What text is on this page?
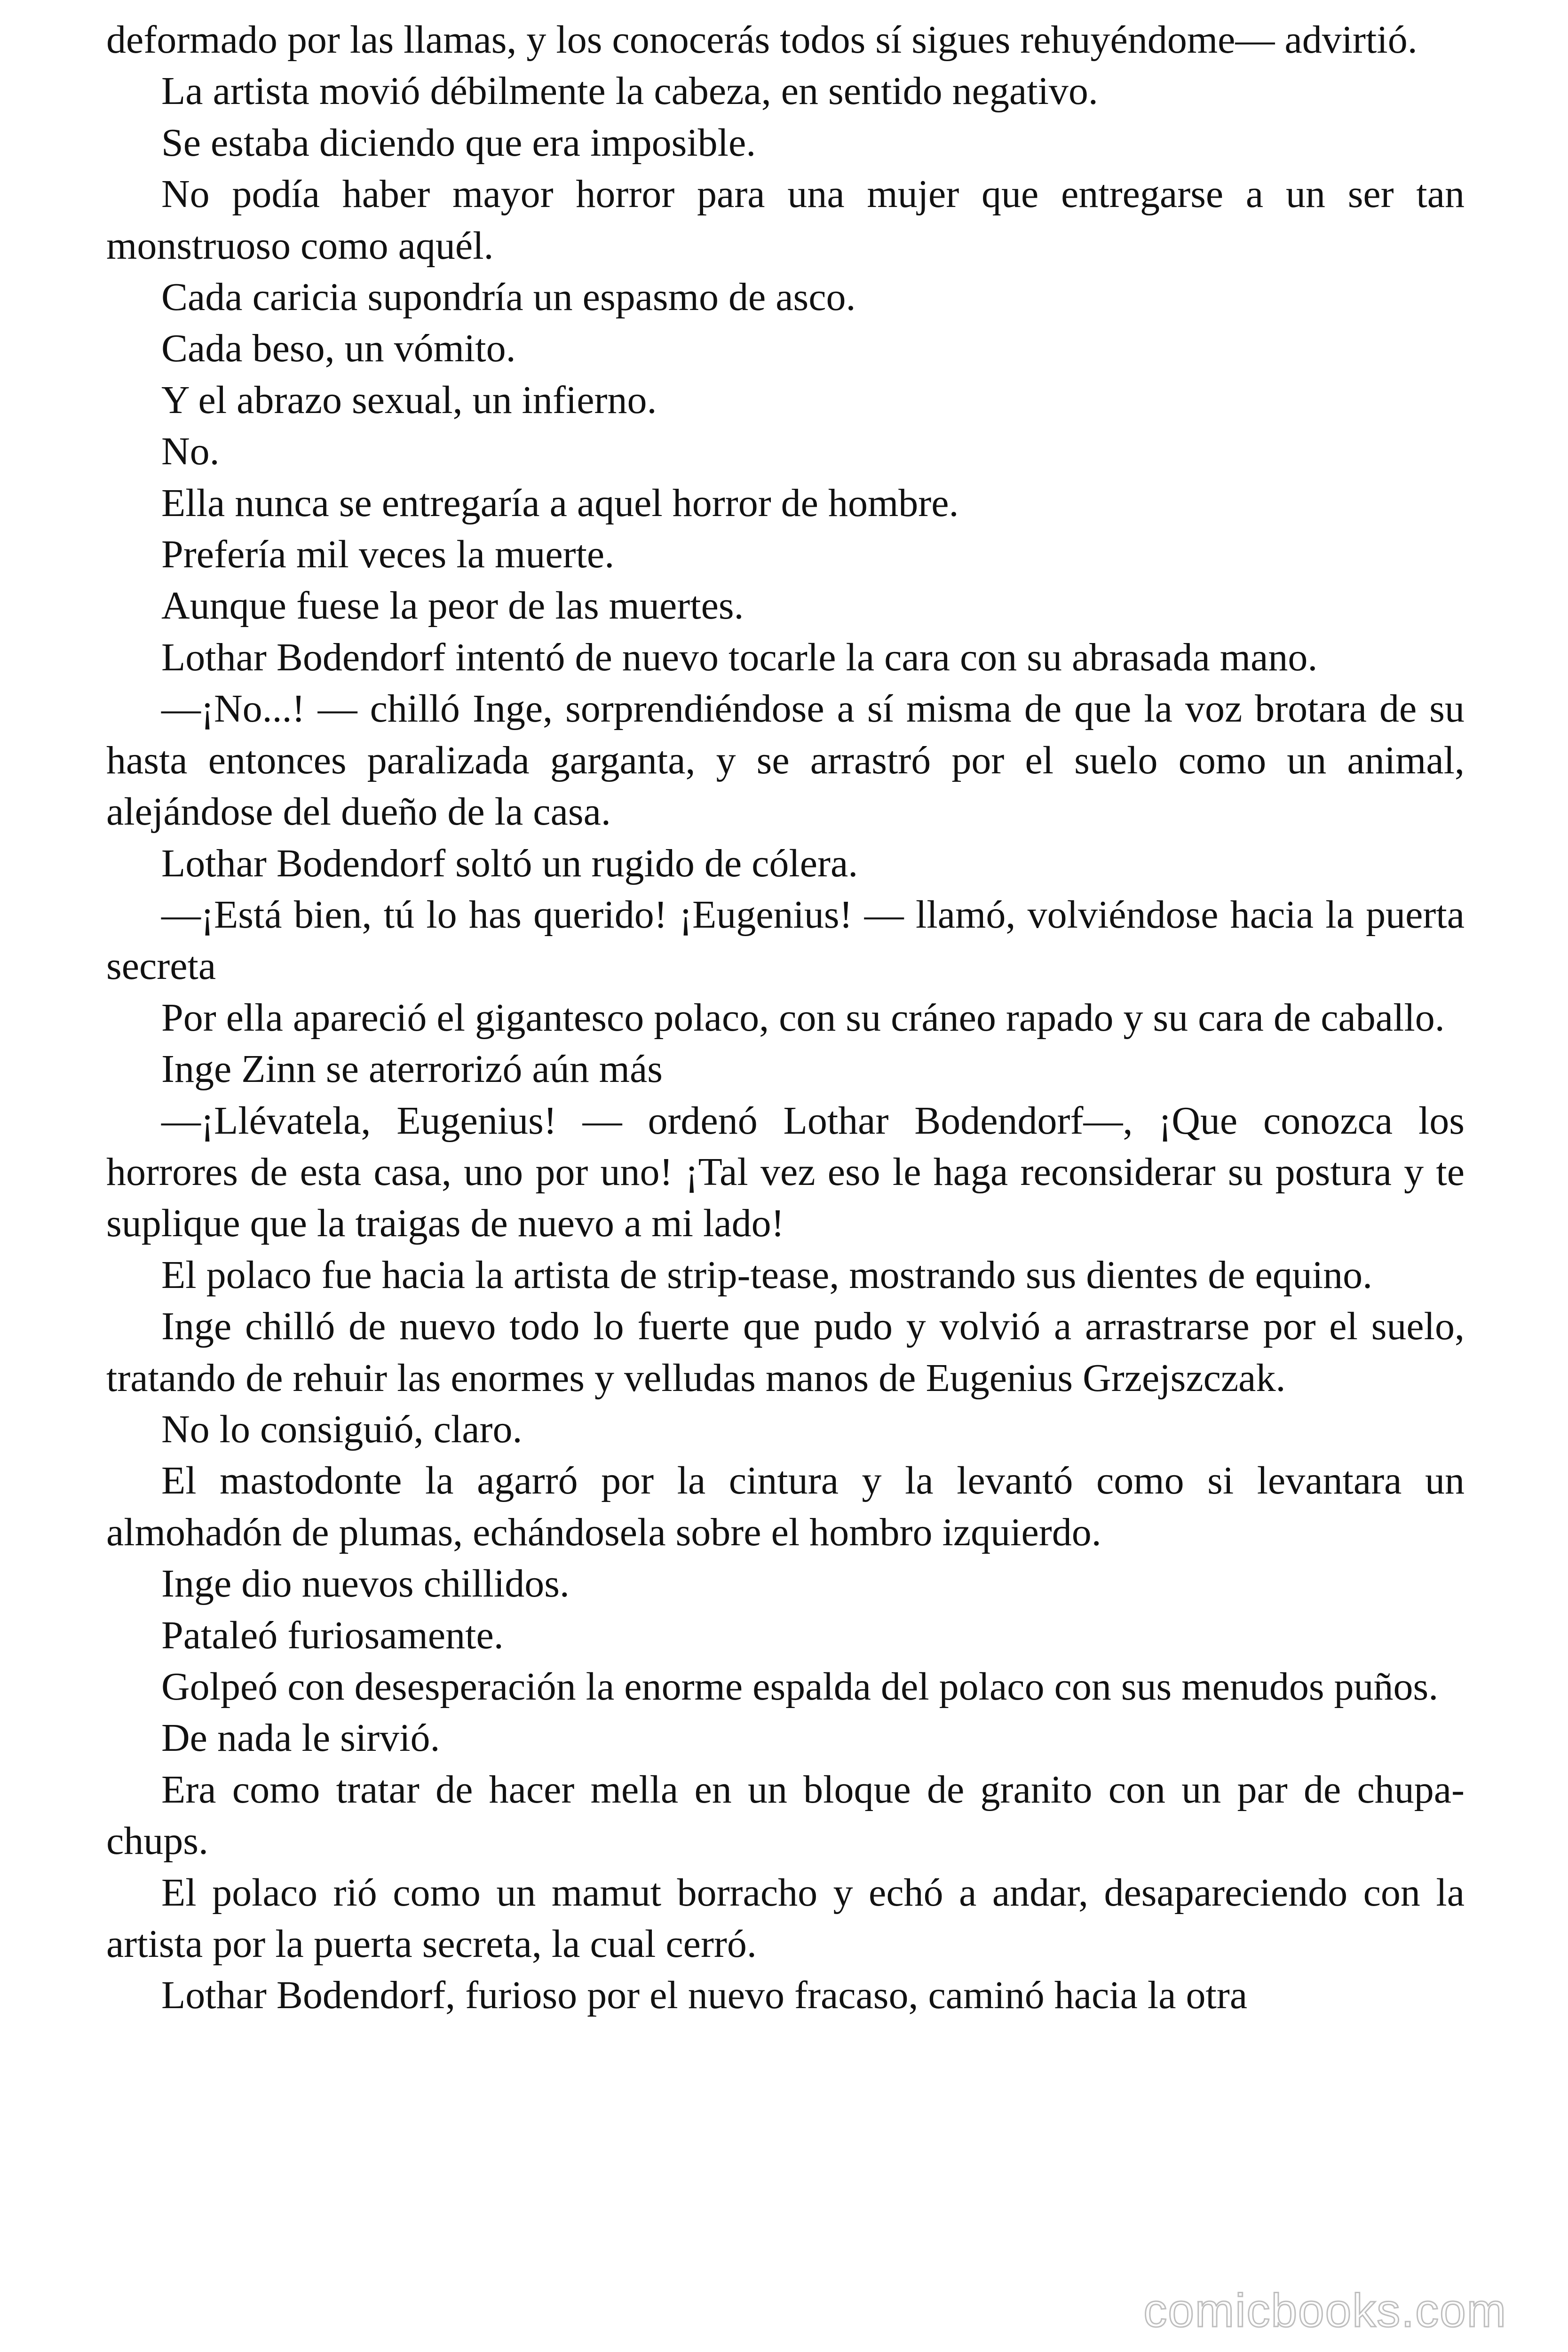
deformado por las llamas, y los conocerás todos sí sigues rehuyéndome— advirtió.

La artista movió débilmente la cabeza, en sentido negativo.

Se estaba diciendo que era imposible.

No podía haber mayor horror para una mujer que entregarse a un ser tan monstruoso como aquél.

Cada caricia supondría un espasmo de asco.

Cada beso, un vómito.

Y el abrazo sexual, un infierno.

No.

Ella nunca se entregaría a aquel horror de hombre.

Prefería mil veces la muerte.

Aunque fuese la peor de las muertes.

Lothar Bodendorf intentó de nuevo tocarle la cara con su abrasada mano.

—¡No...! — chilló Inge, sorprendiéndose a sí misma de que la voz brotara de su hasta entonces paralizada garganta, y se arrastró por el suelo como un animal, alejándose del dueño de la casa.

Lothar Bodendorf soltó un rugido de cólera.

—¡Está bien, tú lo has querido! ¡Eugenius! — llamó, volviéndose hacia la puerta secreta

Por ella apareció el gigantesco polaco, con su cráneo rapado y su cara de caballo.

Inge Zinn se aterrorizó aún más

—¡Llévatela, Eugenius! — ordenó Lothar Bodendorf—, ¡Que conozca los horrores de esta casa, uno por uno! ¡Tal vez eso le haga reconsiderar su postura y te suplique que la traigas de nuevo a mi lado!

El polaco fue hacia la artista de strip-tease, mostrando sus dientes de equino.

Inge chilló de nuevo todo lo fuerte que pudo y volvió a arrastrarse por el suelo, tratando de rehuir las enormes y velludas manos de Eugenius Grzejszczak.

No lo consiguió, claro.

El mastodonte la agarró por la cintura y la levantó como si levantara un almohadón de plumas, echándosela sobre el hombro izquierdo.

Inge dio nuevos chillidos.

Pataleó furiosamente.

Golpeó con desesperación la enorme espalda del polaco con sus menudos puños.

De nada le sirvió.

Era como tratar de hacer mella en un bloque de granito con un par de chupa-chups.

El polaco rió como un mamut borracho y echó a andar, desapareciendo con la artista por la puerta secreta, la cual cerró.

Lothar Bodendorf, furioso por el nuevo fracaso, caminó hacia la otra

comicbooks.com
